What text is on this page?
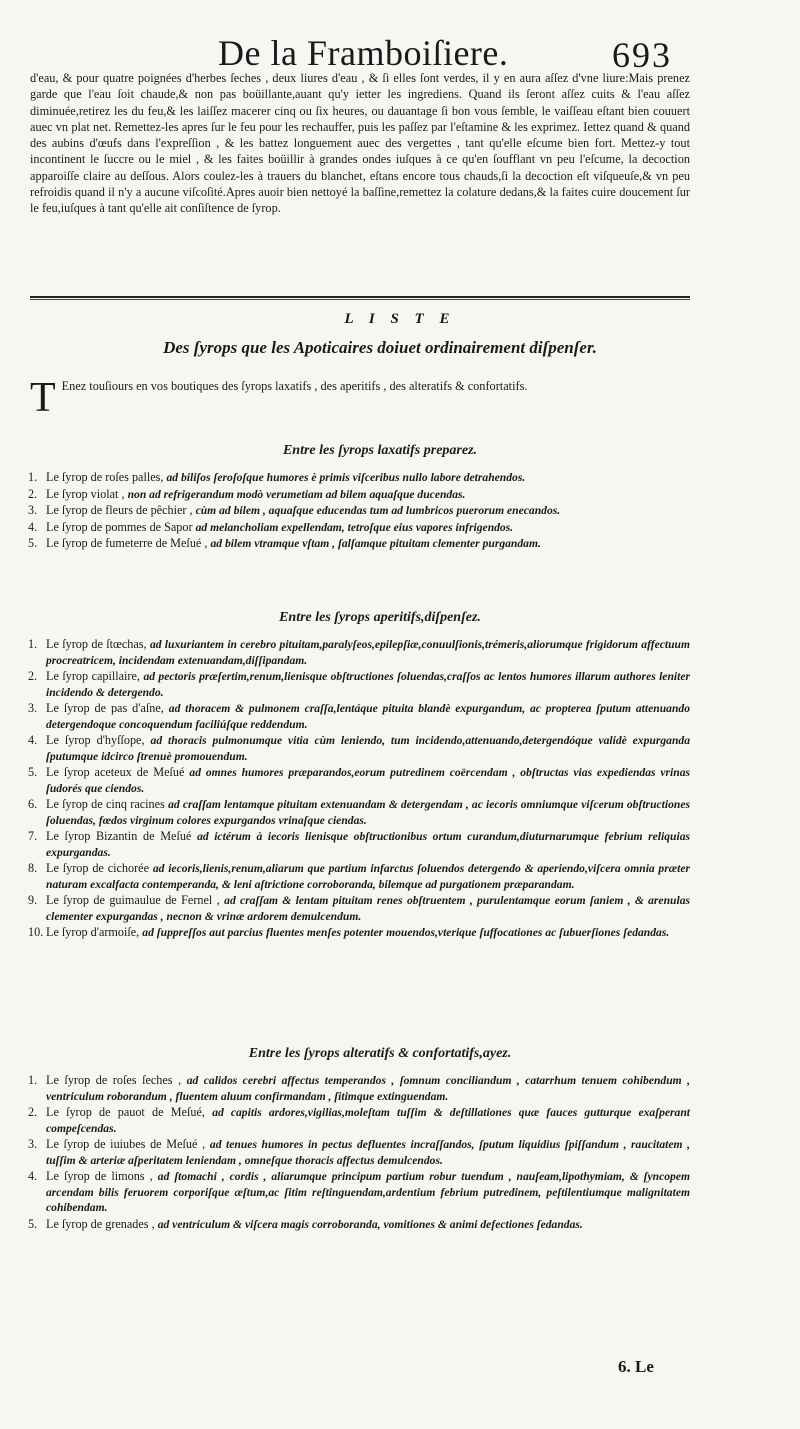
De la Framboiſiere.	693
d'eau, & pour quatre poignées d'herbes ſeches , deux liures d'eau , & ſi elles ſont verdes, il y en aura aſſez d'vne liure:Mais prenez garde que l'eau ſoit chaude,& non pas boüillante,auant qu'y ietter les ingrediens. Quand ils ſeront aſſez cuits & l'eau aſſez diminuée,retirez les du feu,& les laiſſez macerer cinq ou ſix heures, ou dauantage ſi bon vous ſemble, le vaiſſeau eſtant bien couuert auec vn plat net. Remettez-les apres ſur le feu pour les rechauffer, puis les paſſez par l'eſtamine & les exprimez. Iettez quand & quand des aubins d'œufs dans l'expreſſion , & les battez longuement auec des vergettes , tant qu'elle eſcume bien fort. Mettez-y tout incontinent le ſuccre ou le miel , & les faites boüillir à grandes ondes iuſques à ce qu'en ſoufflant vn peu l'eſcume, la decoction apparoiſſe claire au deſſous. Alors coulez-les à trauers du blanchet, eſtans encore tous chauds,ſi la decoction eſt viſqueuſe,& vn peu refroidis quand il n'y a aucune viſcoſité.Apres auoir bien nettoyé la baſſine,remettez la colature dedans,& la faites cuire doucement ſur le feu,iuſques à tant qu'elle ait conſiſtence de ſyrop.
L I S T E
Des ſyrops que les Apoticaires doiuet ordinairement diſpenſer.
T Enez touſiours en vos boutiques des ſyrops laxatifs , des aperitifs , des alteratifs & confortatifs.
Entre les ſyrops laxatifs preparez.
1. Le ſyrop de roſes palles, ad biliſos ſeroſoſque humores è primis viſceribus nullo labore detrahendos.
2. Le ſyrop violat , non ad refrigerandum modò verumetiam ad bilem aquaſque ducendas.
3. Le ſyrop de fleurs de pêchier , cùm ad bilem , aquaſque educendas tum ad lumbricos puerorum enecandos.
4. Le ſyrop de pommes de Sapor ad melancholiam expellendam, tetroſque eius vapores infrigendos.
5. Le ſyrop de fumeterre de Meſué , ad bilem vtramque vſtam , ſalſamque pituitam clementer purgandam.
Entre les ſyrops aperitifs,diſpenſez.
1. Le ſyrop de ſtœchas, ad luxuriantem in cerebro pituitam,paralyſeos,epilepſiæ,conuulſionis,trémeris,aliorumque frigidorum affectuum procreatricem, incidendam extenuandam,diſſipandam.
2. Le ſyrop capillaire, ad pectoris præſertim,renum,lienisque obſtructiones ſoluendas,craſſos ac lentos humores illarum authores leniter incidendo & detergendo.
3. Le ſyrop de pas d'aſne, ad thoracem & pulmonem craſſa,lentáque pituita blandè expurgandum, ac propterea ſputum attenuando detergendoque concoquendum faciliúſque reddendum.
4. Le ſyrop d'hyſſope, ad thoracis pulmonumque vitia cùm leniendo, tum incidendo,attenuando,detergendóque validè expurganda ſputumque idcirco ſtrenuè promouendum.
5. Le ſyrop aceteux de Meſué ad omnes humores præparandos,eorum putredinem coërcendam , obſtructas vias expediendas vrinas ſudorés que ciendos.
6. Le ſyrop de cinq racines ad craſſam lentamque pituitam extenuandam & detergendam , ac iecoris omniumque viſcerum obſtructiones ſoluendas, fœdos virginum colores expurgandos vrinaſque ciendas.
7. Le ſyrop Bizantin de Meſué ad ictérum à iecoris lienisque obſtructionibus ortum curandum,diuturnarumque febrium reliquias expurgandas.
8. Le ſyrop de cichorée ad iecoris,lienis,renum,aliarum que partium infarctus ſoluendos detergendo & aperiendo,viſcera omnia præter naturam excalfacta contemperanda, & leni aſtrictione corroboranda, bilemque ad purgationem præparandam.
9. Le ſyrop de guimaulue de Fernel , ad craſſam & lentam pituitam renes obſtruentem , purulentamque eorum ſaniem , & arenulas clementer expurgandas , necnon & vrinæ ardorem demulcendum.
10. Le ſyrop d'armoiſe, ad ſuppreſſos aut parcius fluentes menſes potenter mouendos,vterique ſuffocationes ac ſubuerſiones ſedandas.
Entre les ſyrops alteratifs & confortatifs,ayez.
1. Le ſyrop de roſes ſeches , ad calidos cerebri affectus temperandos , ſomnum conciliandum , catarrhum tenuem cohibendum , ventriculum roborandum , fluentem aluum confirmandam , ſitimque extinguendam.
2. Le ſyrop de pauot de Meſué, ad capitis ardores,vigilias,moleſtam tuſſim & deſtillationes quæ fauces gutturque exaſperant compeſcendas.
3. Le ſyrop de iuiubes de Meſué , ad tenues humores in pectus defluentes incraſſandos, ſputum liquidius ſpiſſandum , raucitatem , tuſſim & arteriæ aſperitatem leniendam , omneſque thoracis affectus demulcendos.
4. Le ſyrop de limons , ad ſtomachi , cordis , aliarumque principum partium robur tuendum , nauſeam,lipothymiam, & ſyncopem arcendam bilis feruorem corporiſque æſtum,ac ſitim reſtinguendam,ardentium febrium putredinem, peſtilentiumque malignitatem cohibendam.
5. Le ſyrop de grenades , ad ventriculum & viſcera magis corroboranda, vomitiones & animi defectiones ſedandas.
6. Le
